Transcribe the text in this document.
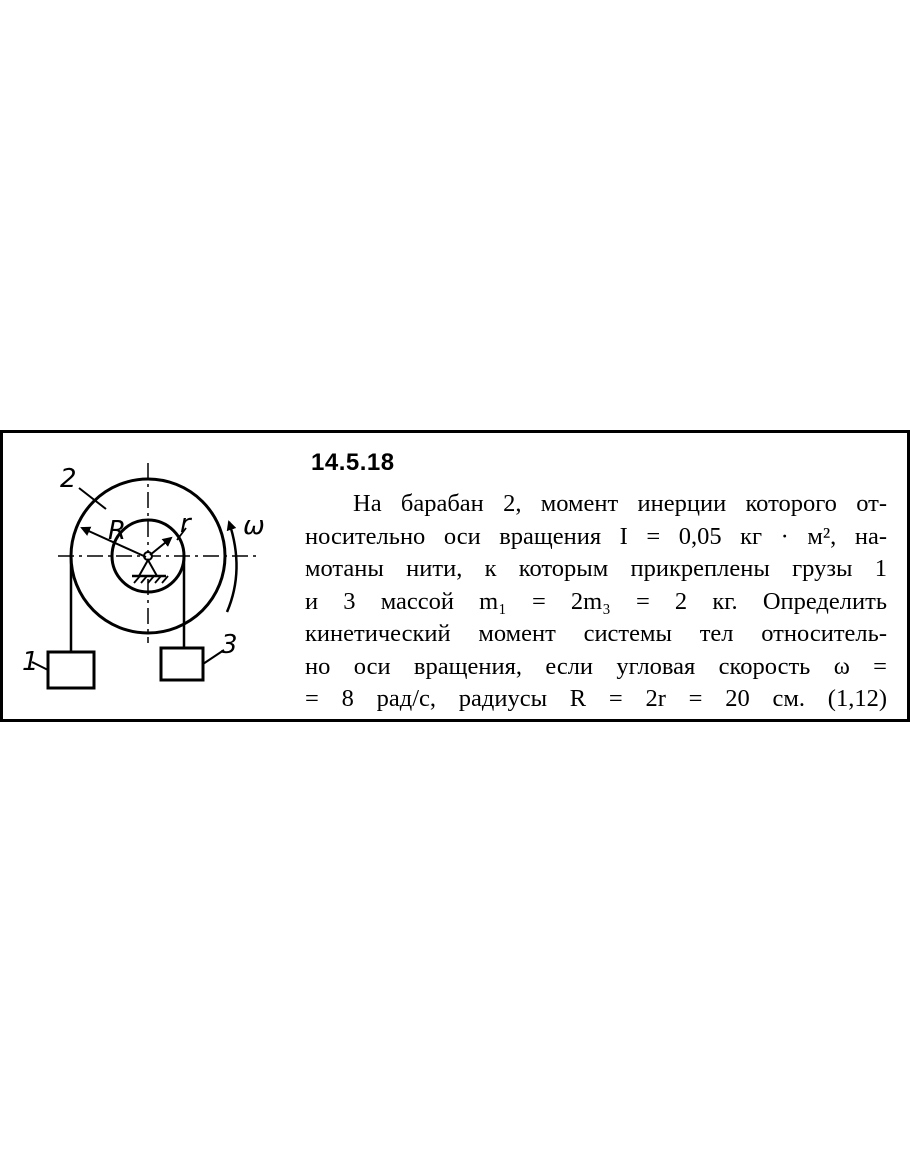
2
R r ω
1
3
14.5.18
На барабан 2, момент инерции которого от-
носительно оси вращения I = 0,05 кг · м², на-
мотаны нити, к которым прикреплены грузы 1
и 3 массой m₁ = 2m₃ = 2 кг. Определить
кинетический момент системы тел относитель-
но оси вращения, если угловая скорость ω =
= 8 рад/с, радиусы R = 2r = 20 см. (1,12)
